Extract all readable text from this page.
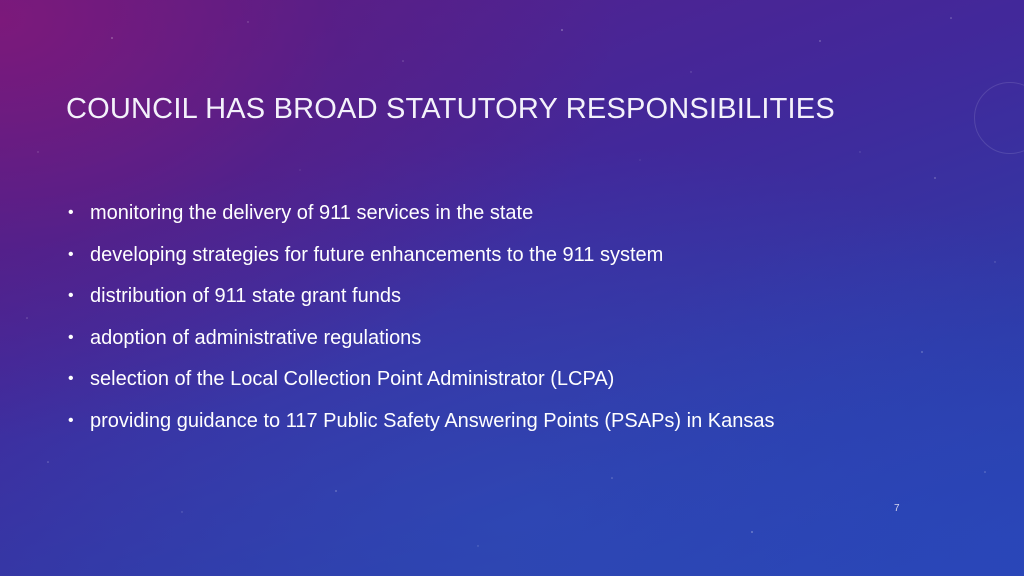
COUNCIL HAS BROAD STATUTORY RESPONSIBILITIES
• monitoring the delivery of 911 services in the state
• developing strategies for future enhancements to the 911 system
• distribution of 911 state grant funds
• adoption of administrative regulations
• selection of the Local Collection Point Administrator (LCPA)
• providing guidance to 117 Public Safety Answering Points (PSAPs) in Kansas
7
